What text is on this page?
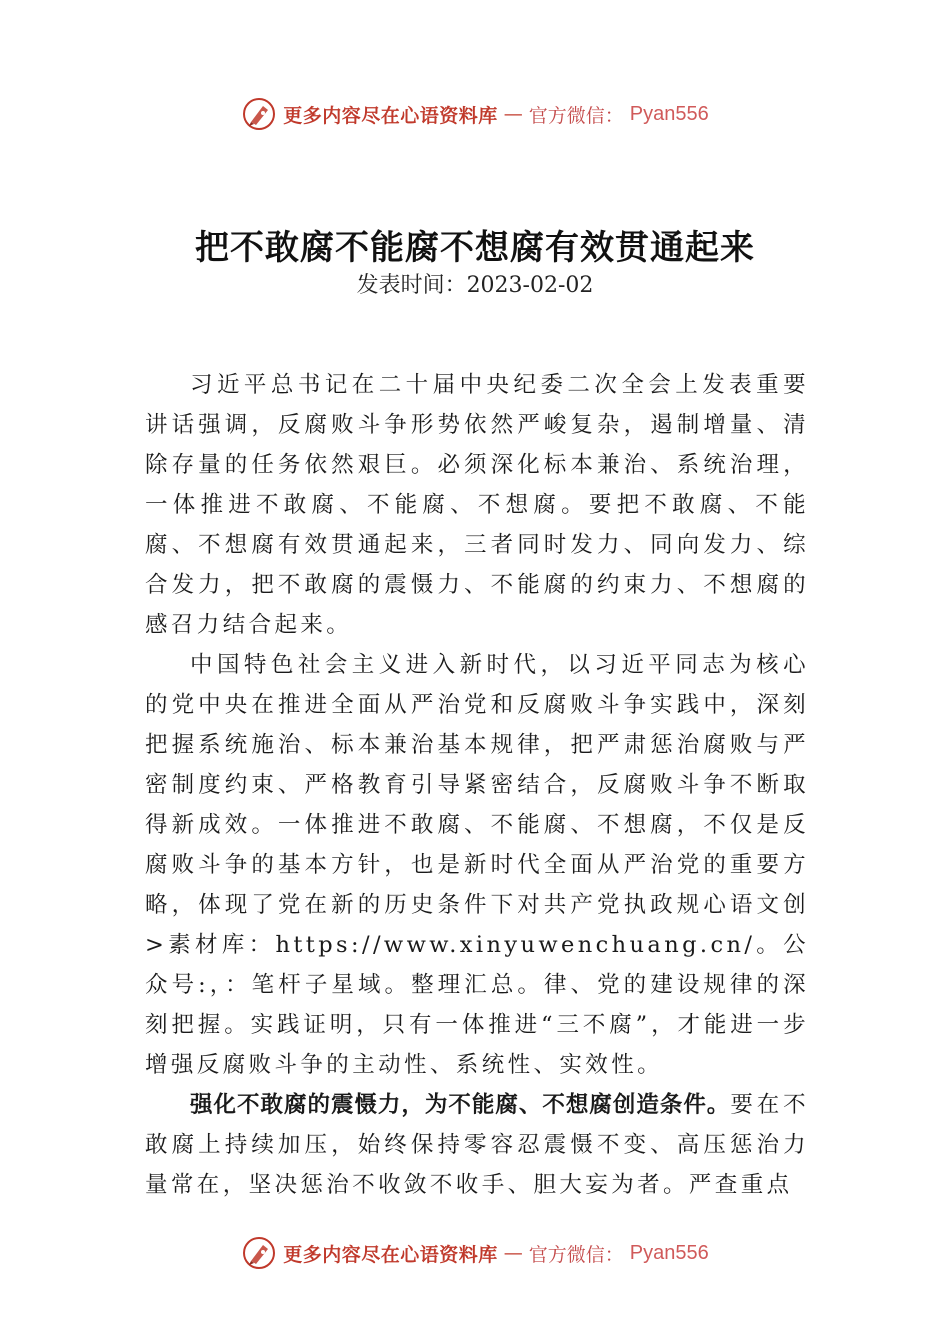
更多内容尽在心语资料库 — 官方微信： Pyan556
把不敢腐不能腐不想腐有效贯通起来
发表时间：2023-02-02

习近平总书记在二十届中央纪委二次全会上发表重要讲话强调，反腐败斗争形势依然严峻复杂，遏制增量、清除存量的任务依然艰巨。必须深化标本兼治、系统治理，一体推进不敢腐、不能腐、不想腐。要把不敢腐、不能腐、不想腐有效贯通起来，三者同时发力、同向发力、综合发力，把不敢腐的震慑力、不能腐的约束力、不想腐的感召力结合起来。

中国特色社会主义进入新时代，以习近平同志为核心的党中央在推进全面从严治党和反腐败斗争实践中，深刻把握系统施治、标本兼治基本规律，把严肃惩治腐败与严密制度约束、严格教育引导紧密结合，反腐败斗争不断取得新成效。一体推进不敢腐、不能腐、不想腐，不仅是反腐败斗争的基本方针，也是新时代全面从严治党的重要方略，体现了党在新的历史条件下对共产党执政规心语文创>素材库：https://www.xinyuwenchuang.cn/。公众号:，：笔杆子星域。整理汇总。律、党的建设规律的深刻把握。实践证明，只有一体推进“三不腐”，才能进一步增强反腐败斗争的主动性、系统性、实效性。

强化不敢腐的震慑力，为不能腐、不想腐创造条件。要在不敢腐上持续加压，始终保持零容忍震慑不变、高压惩治力量常在，坚决惩治不收敛不收手、胆大妄为者。严查重点

更多内容尽在心语资料库 — 官方微信： Pyan556
